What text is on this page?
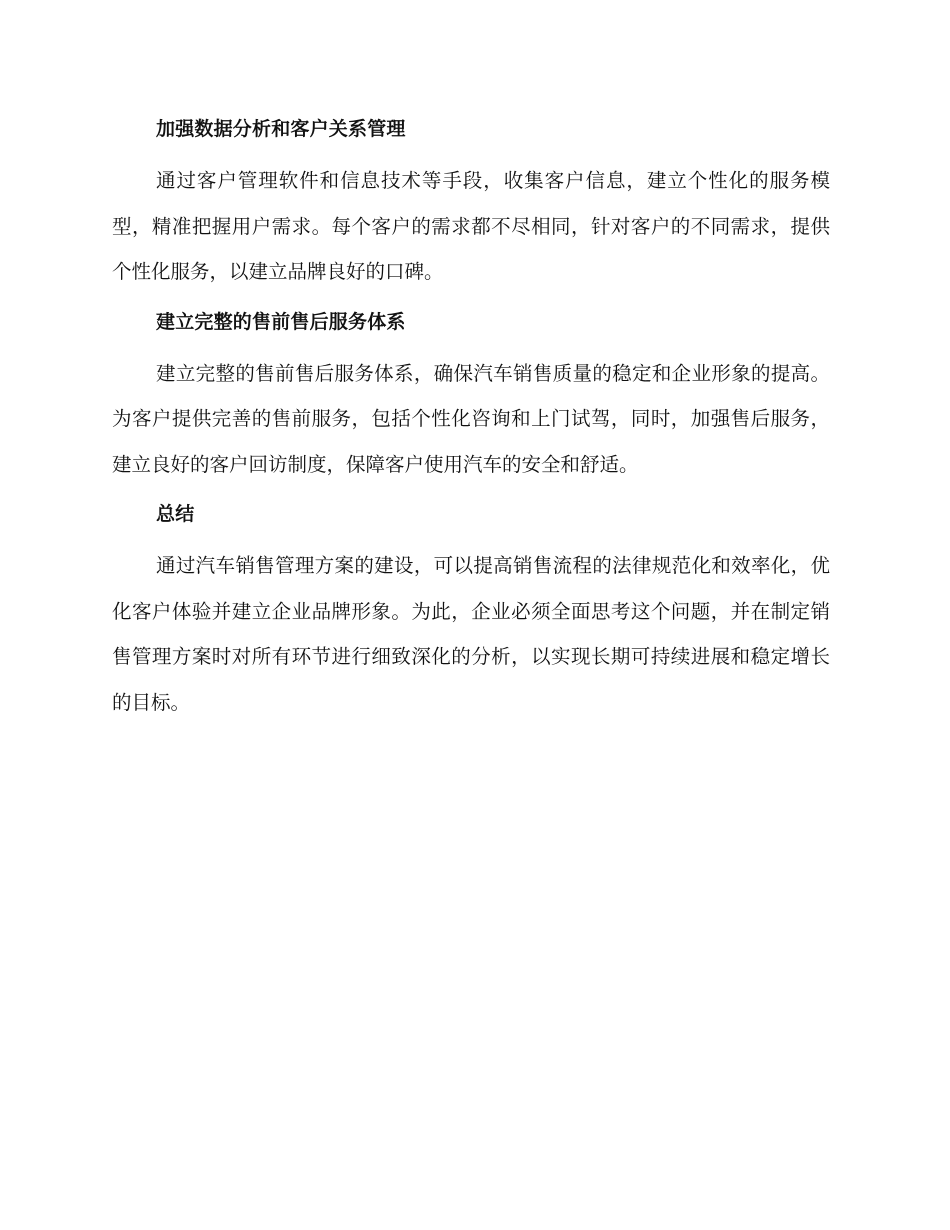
加强数据分析和客户关系管理

通过客户管理软件和信息技术等手段，收集客户信息，建立个性化的服务模型，精准把握用户需求。每个客户的需求都不尽相同，针对客户的不同需求，提供个性化服务，以建立品牌良好的口碑。

建立完整的售前售后服务体系

建立完整的售前售后服务体系，确保汽车销售质量的稳定和企业形象的提高。为客户提供完善的售前服务，包括个性化咨询和上门试驾，同时，加强售后服务，建立良好的客户回访制度，保障客户使用汽车的安全和舒适。

总结

通过汽车销售管理方案的建设，可以提高销售流程的法律规范化和效率化，优化客户体验并建立企业品牌形象。为此，企业必须全面思考这个问题，并在制定销售管理方案时对所有环节进行细致深化的分析，以实现长期可持续进展和稳定增长的目标。
